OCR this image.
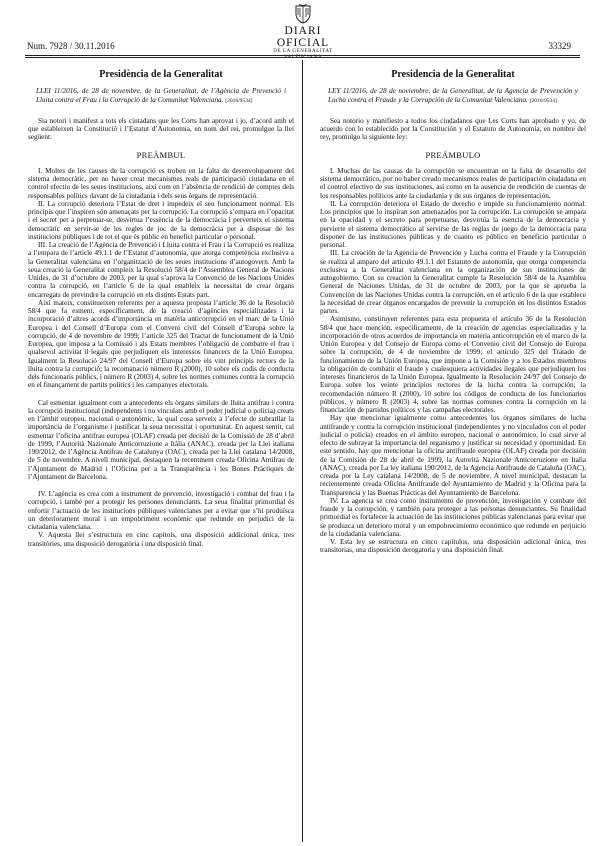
Num. 7928 / 30.11.2016
DIARI OFICIAL
DE LA GENERALITAT VALENCIANA
33329
Presidència de la Generalitat
LLEI 11/2016, de 28 de novembre, de la Generalitat, de l’Agència de Prevenció i Lluita contra el Frau i la Corrupció de la Comunitat Valenciana. [2016/9534]

Sia notori i manifest a tots els ciutadans que les Corts han aprovat i jo, d’acord amb el que estableixen la Constitució i l’Estatut d’Autonomia, en nom del rei, promulgue la llei següent:

PREÀMBUL

I. Moltes de les causes de la corrupció es troben en la falta de desenvolupament del sistema democràtic, per no haver creat mecanismes reals de participació ciutadana en el control efectiu de les seues institucions, així com en l’absència de rendició de comptes dels responsables polítics davant de la ciutadania i dels seus òrgans de representació.

II. La corrupció deteriora l’Estat de dret i impedeix el seu funcionament normal. Els principis que l’inspiren són amenaçats per la corrupció. La corrupció s’empara en l’opacitat i el secret per a perpetuar-se, desvirtua l’essència de la democràcia i perverteix el sistema democràtic en servir-se de les regles de joc de la democràcia per a disposar de les institucions públiques i de tot el que és públic en benefici particular o personal.

III. La creació de l’Agència de Prevenció i Lluita contra el Frau i la Corrupció es realitza a l’empara de l’article 49.1.1 de l’Estatut d’autonomia, que atorga competència exclusiva a la Generalitat valenciana en l’organització de les seues institucions d’autogovern. Amb la seua creació la Generalitat compleix la Resolució 58/4 de l’Assemblea General de Nacions Unides, de 31 d’octubre de 2003, per la qual s’aprova la Convenció de les Nacions Unides contra la corrupció, en l’article 6 de la qual estableix la necessitat de crear òrgans encarregats de previndre la corrupció en els distints Estats part.

Així mateix, constitueixen referents per a aquesta proposta l’article 36 de la Resolució 58/4 que fa esment, específicament, de la creació d’agències especialitzades i la incorporació d’altres acords d’importància en matèria anticorrupció en el marc de la Unió Europea i del Consell d’Europa com el Conveni civil del Consell d’Europa sobre la corrupció, de 4 de novembre de 1999; l’article 325 del Tractat de funcionament de la Unió Europea, que imposa a la Comissió i als Estats membres l’obligació de combatre el frau i qualsevol activitat il·legals que perjudiquen els interessos financers de la Unió Europea. Igualment la Resolució 24/97 del Consell d’Europa sobre els vint principis rectors de la lluita contra la corrupció; la recomanació número R (2000), 10 sobre els codis de conducta dels funcionaris públics, i número R (2003) 4, sobre les normes comunes contra la corrupció en el finançament de partits polítics i les campanyes electorals.

Cal esmentar igualment com a antecedents els òrgans similars de lluita antifrau i contra la corrupció institucional (independents i no vinculats amb el poder judicial o policia) creats en l’àmbit europeu, nacional o autonòmic, la qual cosa serveix a l’efecte de subratllar la importància de l’organisme i justificar la seua necessitat i oportunitat. En aquest sentit, cal esmentar l’oficina antifrau europea (OLAF) creada per decisió de la Comissió de 28 d’abril de 1999, l’Autorità Nazionale Anticorruzione a Itàlia (ANAC), creada per la Llei italiana 190/2012, de l’Agència Antifrau de Catalunya (OAC), creada per la Llei catalana 14/2008, de 5 de novembre. A nivell municipal, destaquen la recentment creada Oficina Antifrau de l’Ajuntament de Madrid i l’Oficina per a la Transparència i les Bones Pràctiques de l’Ajuntament de Barcelona.

IV. L’agència es crea com a instrument de prevenció, investigació i combat del frau i la corrupció, i també per a protegir les persones denunciants. La seua finalitat primordial és enfortir l’actuació de les institucions públiques valencianes per a evitar que s’hi produïsca un deteriorament moral i un empobriment econòmic que redunde en perjudici de la ciutadania valenciana.

V. Aquesta llei s’estructura en cinc capítols, una disposició addicional única, tres transitòries, una disposició derogatòria i una disposició final.

Presidencia de la Generalitat
LEY 11/2016, de 28 de noviembre, de la Generalitat, de la Agencia de Prevención y Lucha contra el Fraude y la Corrupción de la Comunitat Valenciana. [2016/9534]

Sea notorio y manifiesto a todos los ciudadanos que Les Corts han aprobado y yo, de acuerdo con lo establecido por la Constitución y el Estatuto de Autonomía, en nombre del rey, promulgo la siguiente ley:

PREÁMBULO

I. Muchas de las causas de la corrupción se encuentran en la falta de desarrollo del sistema democrático, por no haber creado mecanismos reales de participación ciudadana en el control efectivo de sus instituciones, así como en la ausencia de rendición de cuentas de los responsables políticos ante la ciudadanía y de sus órganos de representación.

II. La corrupción deteriora el Estado de derecho e impide su funcionamiento normal. Los principios que lo inspiran son amenazados por la corrupción. La corrupción se ampara en la opacidad y el secreto para perpetuarse, desvirtúa la esencia de la democracia y pervierte el sistema democrático al servirse de las reglas de juego de la democracia para disponer de las instituciones públicas y de cuanto es público en beneficio particular o personal.

III. La creación de la Agencia de Prevención y Lucha contra el Fraude y la Corrupción se realiza al amparo del artículo 49.1.1 del Estatuto de autonomía, que otorga competencia exclusiva a la Generalitat valenciana en la organización de sus instituciones de autogobierno. Con su creación la Generalitat cumple la Resolución 58/4 de la Asamblea General de Naciones Unidas, de 31 de octubre de 2003, por la que se aprueba la Convención de las Naciones Unidas contra la corrupción, en el artículo 6 de la que establece la necesidad de crear órganos encargados de prevenir la corrupción en los distintos Estados partes.

Asimismo, constituyen referentes para esta propuesta el artículo 36 de la Resolución 58/4 que hace mención, específicamente, de la creación de agencias especializadas y la incorporación de otros acuerdos de importancia en materia anticorrupción en el marco de la Unión Europea y del Consejo de Europa como el Convenio civil del Consejo de Europa sobre la corrupción, de 4 de noviembre de 1999; el artículo 325 del Tratado de funcionamiento de la Unión Europea, que impone a la Comisión y a los Estados miembros la obligación de combatir el fraude y cualesquiera actividades ilegales que perjudiquen los intereses financieros de la Unión Europea. Igualmente la Resolución 24/97 del Consejo de Europa sobre los veinte principios rectores de la lucha contra la corrupción; la recomendación número R (2000), 10 sobre los códigos de conducta de los funcionarios públicos, y número R (2003) 4, sobre las normas comunes contra la corrupción en la financiación de partidos políticos y las campañas electorales.

Hay que mencionar igualmente como antecedentes los órganos similares de lucha antifraude y contra la corrupción institucional (independientes y no vinculados con el poder judicial o policía) creados en el ámbito europeo, nacional o autonómico, lo cual sirve al efecto de subrayar la importancia del organismo y justificar su necesidad y oportunidad. En este sentido, hay que mencionar la oficina antifraude europea (OLAF) creada por decisión de la Comisión de 28 de abril de 1999, la Autorità Nazionale Anticorruzione en Italia (ANAC), creada por La ley italiana 190/2012, de la Agencia Antifraude de Cataluña (OAC), creada por la Ley catalana 14/2008, de 5 de noviembre. A nivel municipal, destacan la recientemente creada Oficina Antifraude del Ayuntamiento de Madrid y la Oficina para la Transparencia y las Buenas Prácticas del Ayuntamiento de Barcelona.

IV. La agencia se crea como instrumento de prevención, investigación y combate del fraude y la corrupción, y también para proteger a las personas denunciantes. Su finalidad primordial es fortalecer la actuación de las instituciones públicas valencianas para evitar que se produzca un deterioro moral y un empobrecimiento económico que redunde en perjuicio de la ciudadanía valenciana.

V. Esta ley se estructura en cinco capítulos, una disposición adicional única, tres transitorias, una disposición derogatoria y una disposición final.
